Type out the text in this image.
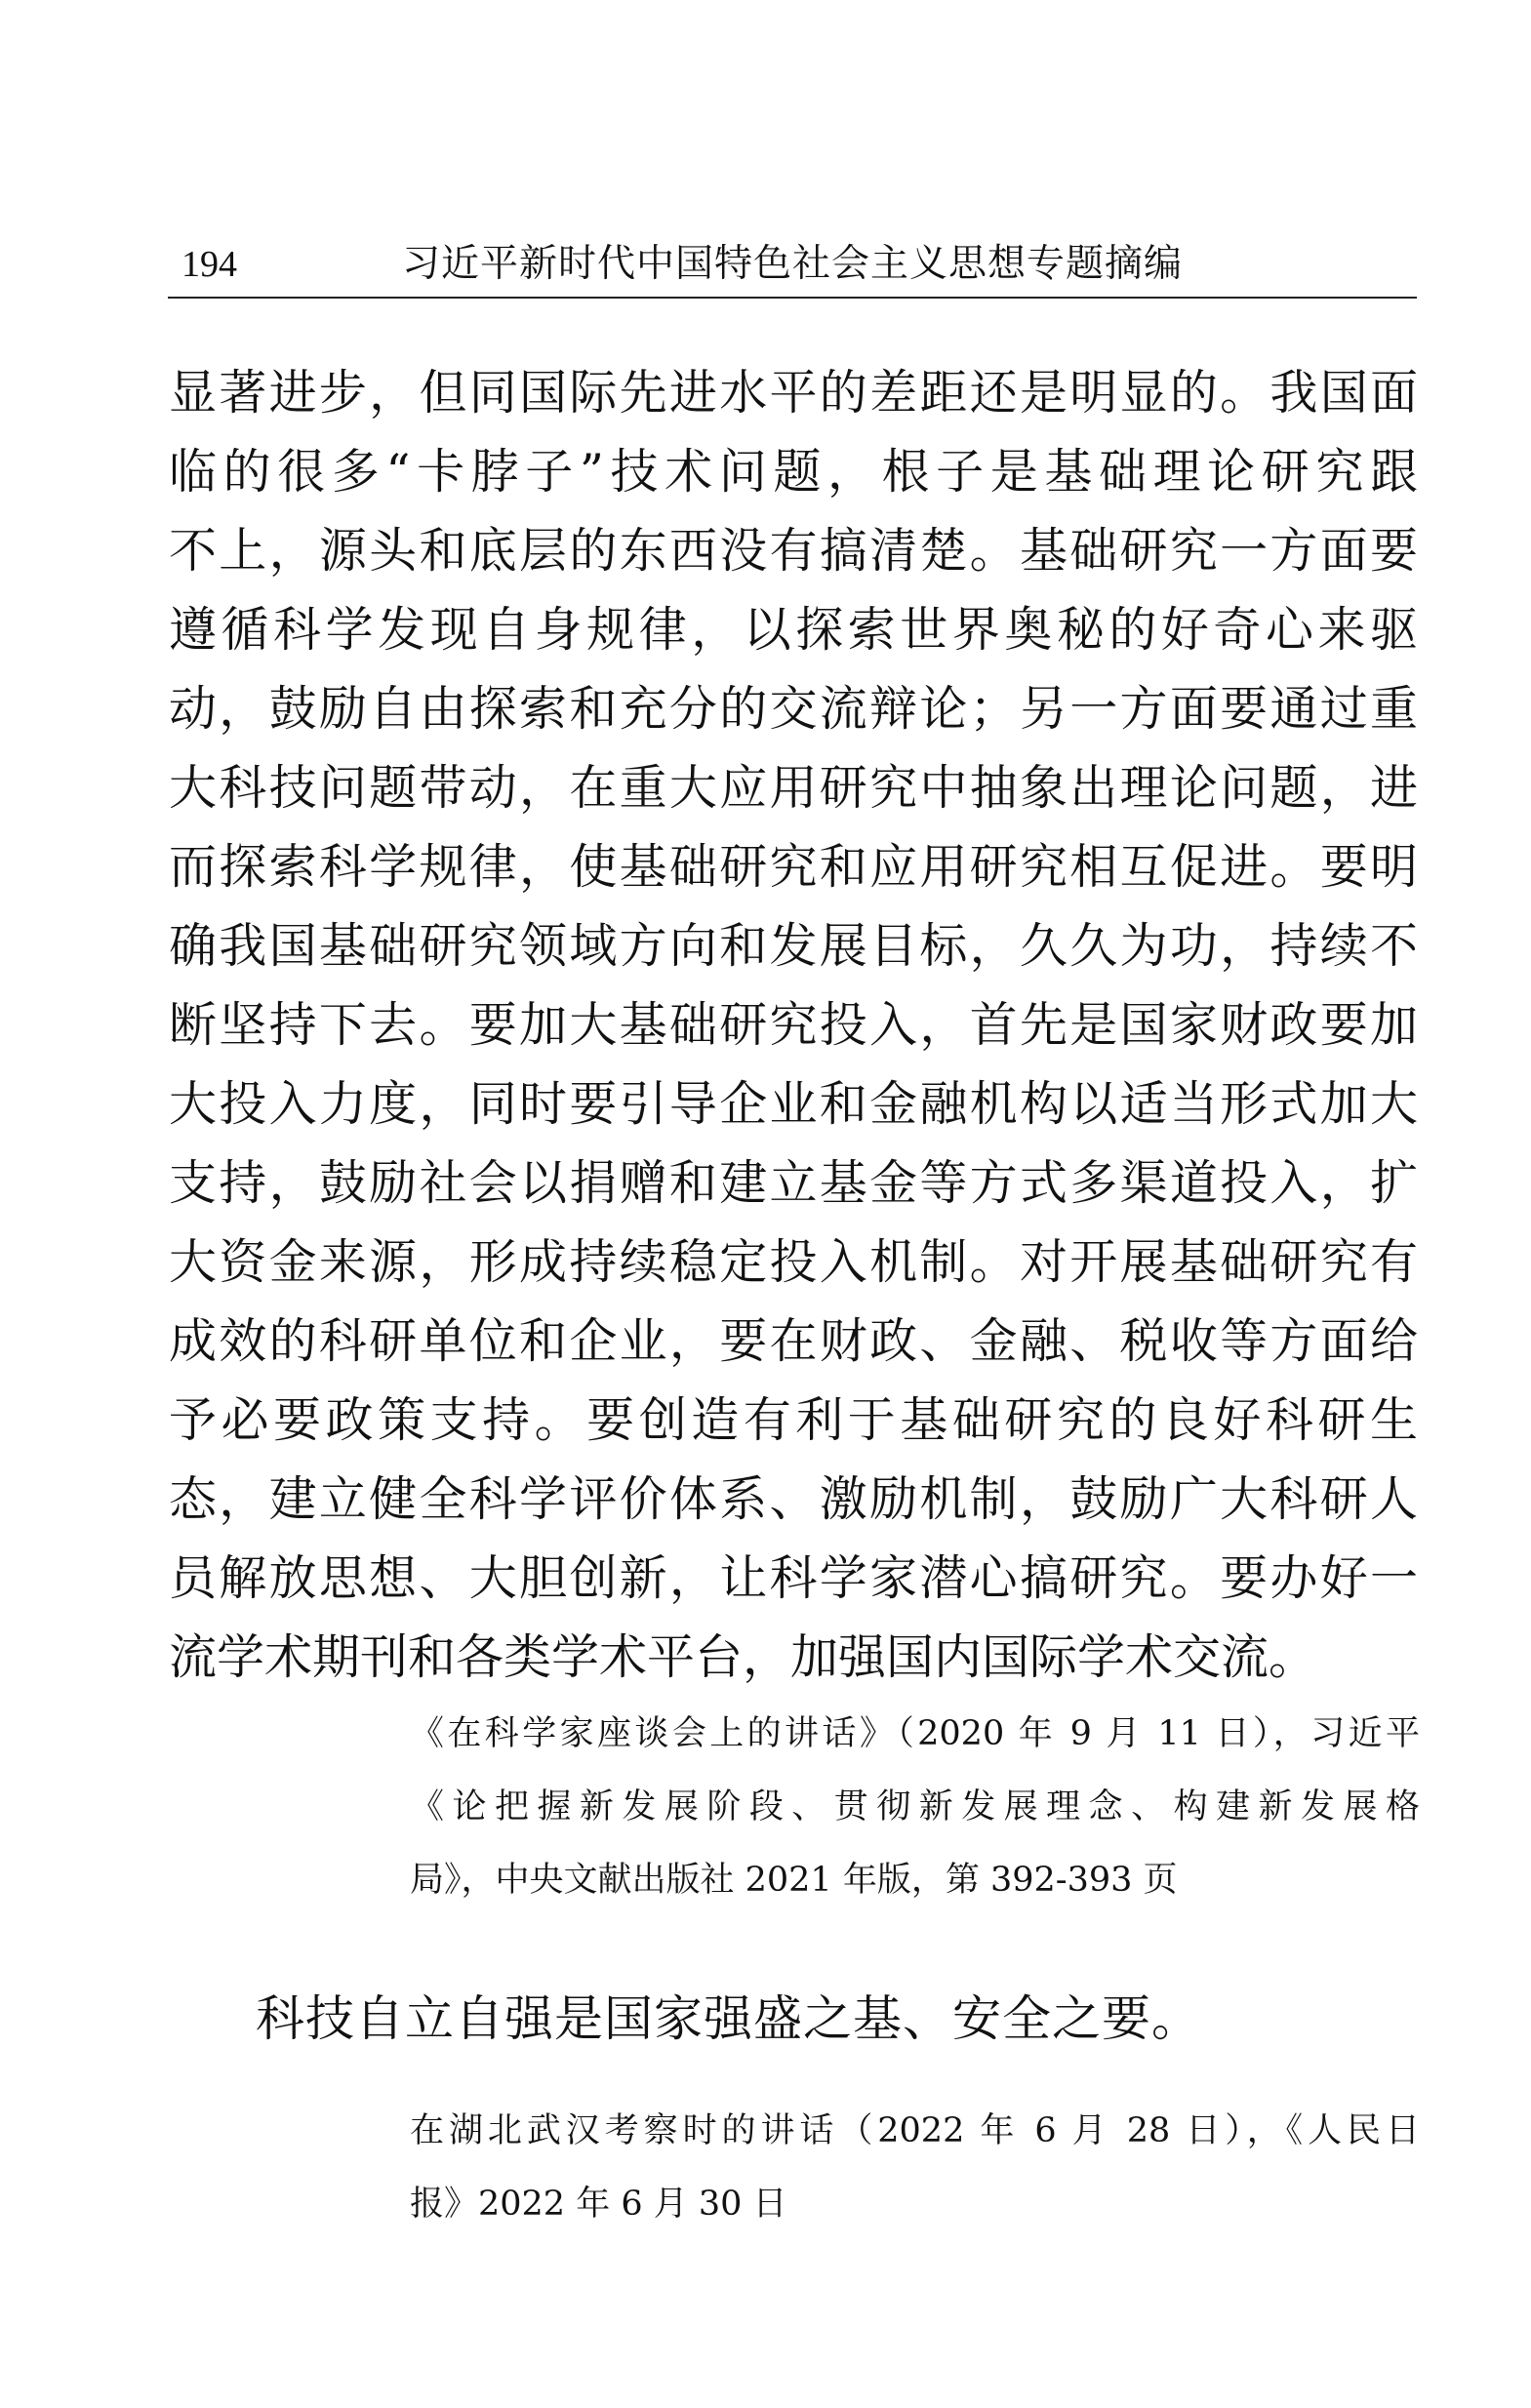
194	习近平新时代中国特色社会主义思想专题摘编
显著进步，但同国际先进水平的差距还是明显的。我国面
临的很多“卡脖子”技术问题，根子是基础理论研究跟
不上，源头和底层的东西没有搞清楚。基础研究一方面要
遵循科学发现自身规律，以探索世界奥秘的好奇心来驱
动，鼓励自由探索和充分的交流辩论；另一方面要通过重
大科技问题带动，在重大应用研究中抽象出理论问题，进
而探索科学规律，使基础研究和应用研究相互促进。要明
确我国基础研究领域方向和发展目标，久久为功，持续不
断坚持下去。要加大基础研究投入，首先是国家财政要加
大投入力度，同时要引导企业和金融机构以适当形式加大
支持，鼓励社会以捐赠和建立基金等方式多渠道投入，扩
大资金来源，形成持续稳定投入机制。对开展基础研究有
成效的科研单位和企业，要在财政、金融、税收等方面给
予必要政策支持。要创造有利于基础研究的良好科研生
态，建立健全科学评价体系、激励机制，鼓励广大科研人
员解放思想、大胆创新，让科学家潜心搞研究。要办好一
流学术期刊和各类学术平台，加强国内国际学术交流。
《在科学家座谈会上的讲话》（2020 年 9 月 11 日），习近平
《论把握新发展阶段、贯彻新发展理念、构建新发展格
局》，中央文献出版社 2021 年版，第 392-393 页
科技自立自强是国家强盛之基、安全之要。
在湖北武汉考察时的讲话（2022 年 6 月 28 日），《人民日
报》2022 年 6 月 30 日
